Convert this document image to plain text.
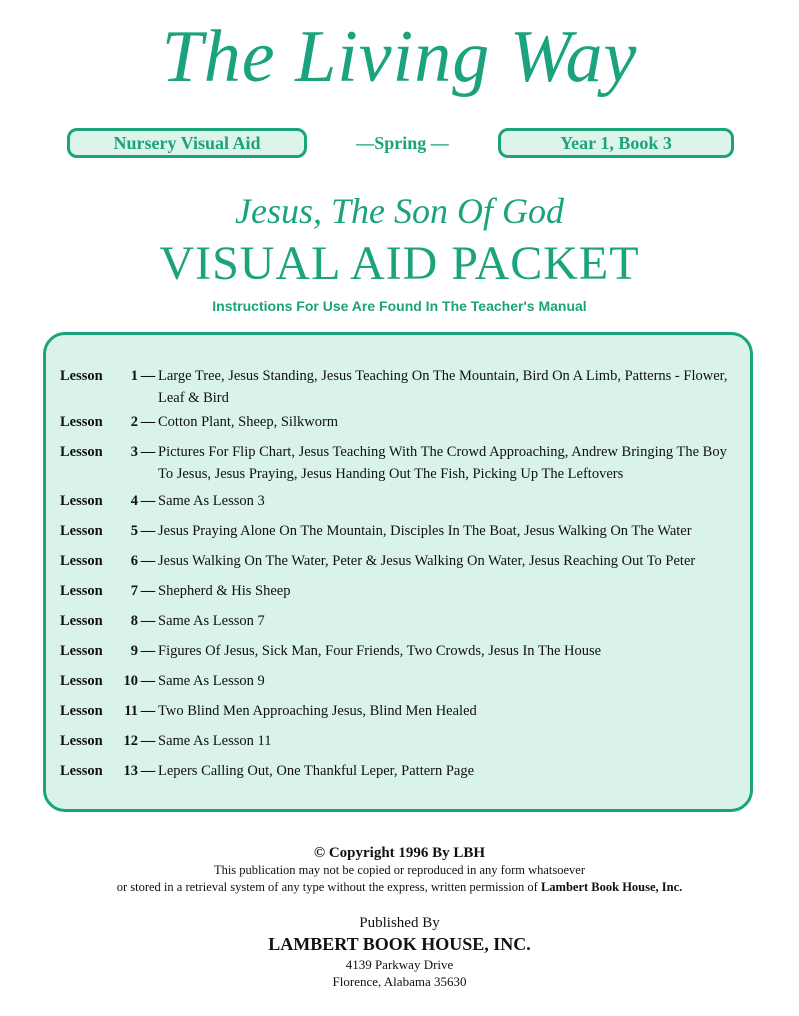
The Living Way
Nursery Visual Aid	—Spring —	Year 1, Book 3
Jesus, The Son Of God
VISUAL AID PACKET
Instructions For Use Are Found In The Teacher's Manual
Lesson	1 — Large Tree, Jesus Standing, Jesus Teaching On The Mountain, Bird On A Limb, Patterns - Flower, Leaf & Bird
Lesson	2 — Cotton Plant, Sheep, Silkworm
Lesson	3 — Pictures For Flip Chart, Jesus Teaching With The Crowd Approaching, Andrew Bringing The Boy To Jesus, Jesus Praying, Jesus Handing Out The Fish, Picking Up The Leftovers
Lesson	4 — Same As Lesson 3
Lesson	5 — Jesus Praying Alone On The Mountain, Disciples In The Boat, Jesus Walking On The Water
Lesson	6 — Jesus Walking On The Water, Peter & Jesus Walking On Water, Jesus Reaching Out To Peter
Lesson	7 — Shepherd & His Sheep
Lesson	8 — Same As Lesson 7
Lesson	9 — Figures Of Jesus, Sick Man, Four Friends, Two Crowds, Jesus In The House
Lesson	10 — Same As Lesson 9
Lesson	11 — Two Blind Men Approaching Jesus, Blind Men Healed
Lesson	12 — Same As Lesson 11
Lesson	13 — Lepers Calling Out, One Thankful Leper, Pattern Page
© Copyright 1996 By LBH
This publication may not be copied or reproduced in any form whatsoever
or stored in a retrieval system of any type without the express, written permission of Lambert Book House, Inc.
Published By
LAMBERT BOOK HOUSE, INC.
4139 Parkway Drive
Florence, Alabama 35630
